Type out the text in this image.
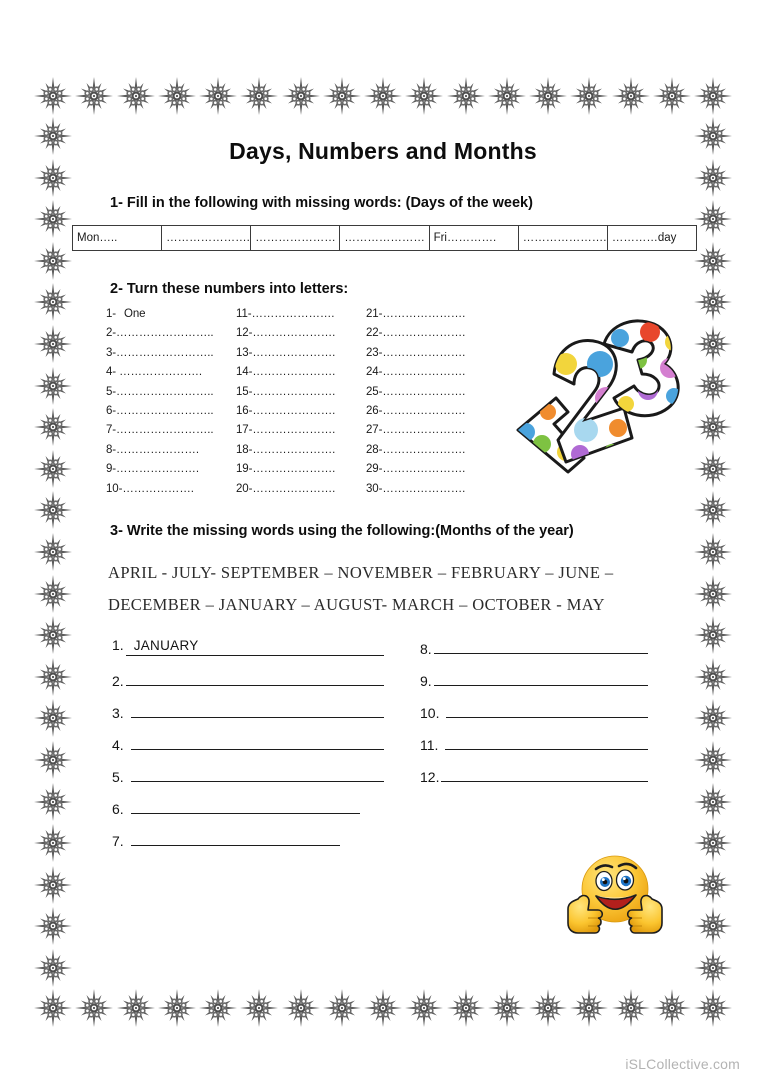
Days, Numbers and Months
1- Fill in the following with missing words: (Days of the week)
Mon…..	………………….	…………………	…………………	Fri………….	………………….	…………day
2- Turn these numbers into letters:
1- One	11-………………….	21-………………….
2-……………………..	12-………………….	22-………………….
3-……………………..	13-………………….	23-………………….
4- ………………….	14-………………….	24-………………….
5-……………………..	15-………………….	25-………………….
6-……………………..	16-………………….	26-………………….
7-……………………..	17-………………….	27-………………….
8-………………….	18-………………….	28-………………….
9-………………….	19-………………….	29-………………….
10-……………….	20-………………….	30-………………….
3- Write the missing words using the following:(Months of the year)
APRIL - JULY- SEPTEMBER – NOVEMBER – FEBRUARY – JUNE –
DECEMBER – JANUARY – AUGUST- MARCH – OCTOBER - MAY
1. JANUARY
2.
3.
4.
5.
6.
7.
8.
9.
10.
11.
12.
iSLCollective.com
